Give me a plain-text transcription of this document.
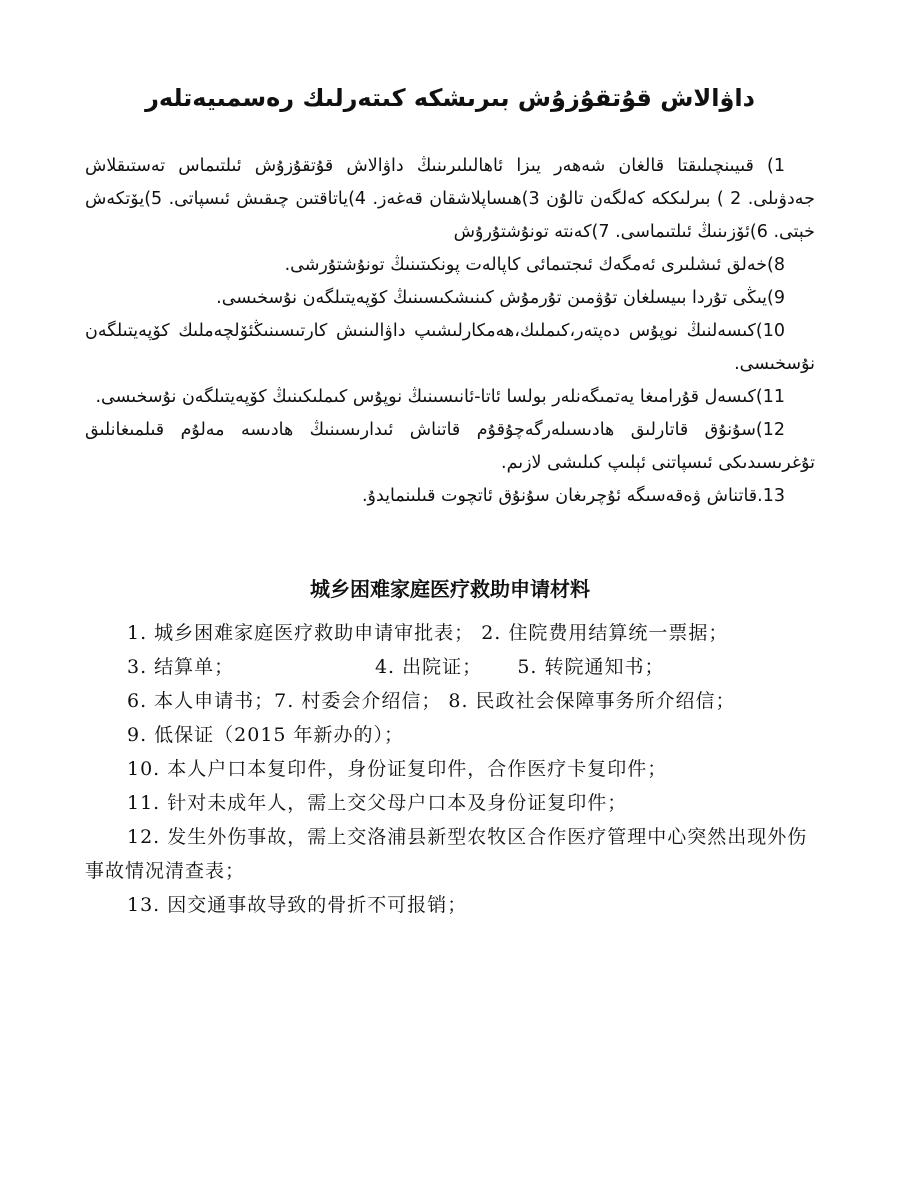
داۋالاش قۇتقۇزۇش بىرىشكە كىتەرلىك رەسمىيەتلەر
1) قىيىنچىلىقتا قالغان شەھەر يىزا ئاھالىلىرىنىڭ داۋالاش قۇتقۇزۇش ئىلتىماس تەستىقلاش جەدۋىلى. 2 ) بىرلىككە كەلگەن تالۇن 3)ھىساپلاشقان قەغەز. 4)ياتاقتىن چىقىش ئىسپاتى. 5)يۆتكەش خېتى. 6)ئۆزىنىڭ ئىلتىماسى. 7)كەنتە تونۇشتۇرۇش
8)خەلق ئىشلىرى ئەمگەك ئىجتىمائى كاپالەت پونكىتىنىڭ تونۇشتۇرشى.
9)يىڭى تۇردا بىيسلغان تۇۋمىن تۇرمۇش كىنىشكىسىنىڭ كۆپەيتىلگەن نۇسخىسى.
10)كىسەلنىڭ نوپۇس دەپتەر،كىملىك،ھەمكارلىشىپ داۋالىنىش كارتىسىنىڭئۆلچەملىك كۆپەيتىلگەن نۇسخىسى.
11)كىسەل قۇرامىغا يەتمىگەنلەر بولسا ئاتا-ئانىسىنىڭ نوپۇس كىملىكىنىڭ كۆپەيتىلگەن نۇسخىسى.
12)سۇنۇق قاتارلىق ھادىسىلەرگەچۇقۇم قاتناش ئىدارىسىنىڭ ھادىسە مەلۇم قىلمىغانلىق تۇغرىسىدىكى ئىسپاتنى ئېلىپ كىلىشى لازىم.
13.قاتناش ۋەقەسىگە ئۇچرىغان سۇنۇق ئاتچوت قىلىنمايدۇ.
城乡困难家庭医疗救助申请材料
1. 城乡困难家庭医疗救助申请审批表； 2. 住院费用结算统一票据；
3. 结算单；                    4. 出院证；     5. 转院通知书；
6. 本人申请书；7. 村委会介绍信； 8. 民政社会保障事务所介绍信；
9. 低保证（2015 年新办的）；
10. 本人户口本复印件，身份证复印件，合作医疗卡复印件；
11. 针对未成年人，需上交父母户口本及身份证复印件；
12. 发生外伤事故，需上交洛浦县新型农牧区合作医疗管理中心突然出现外伤事故情况清查表；
13. 因交通事故导致的骨折不可报销；
